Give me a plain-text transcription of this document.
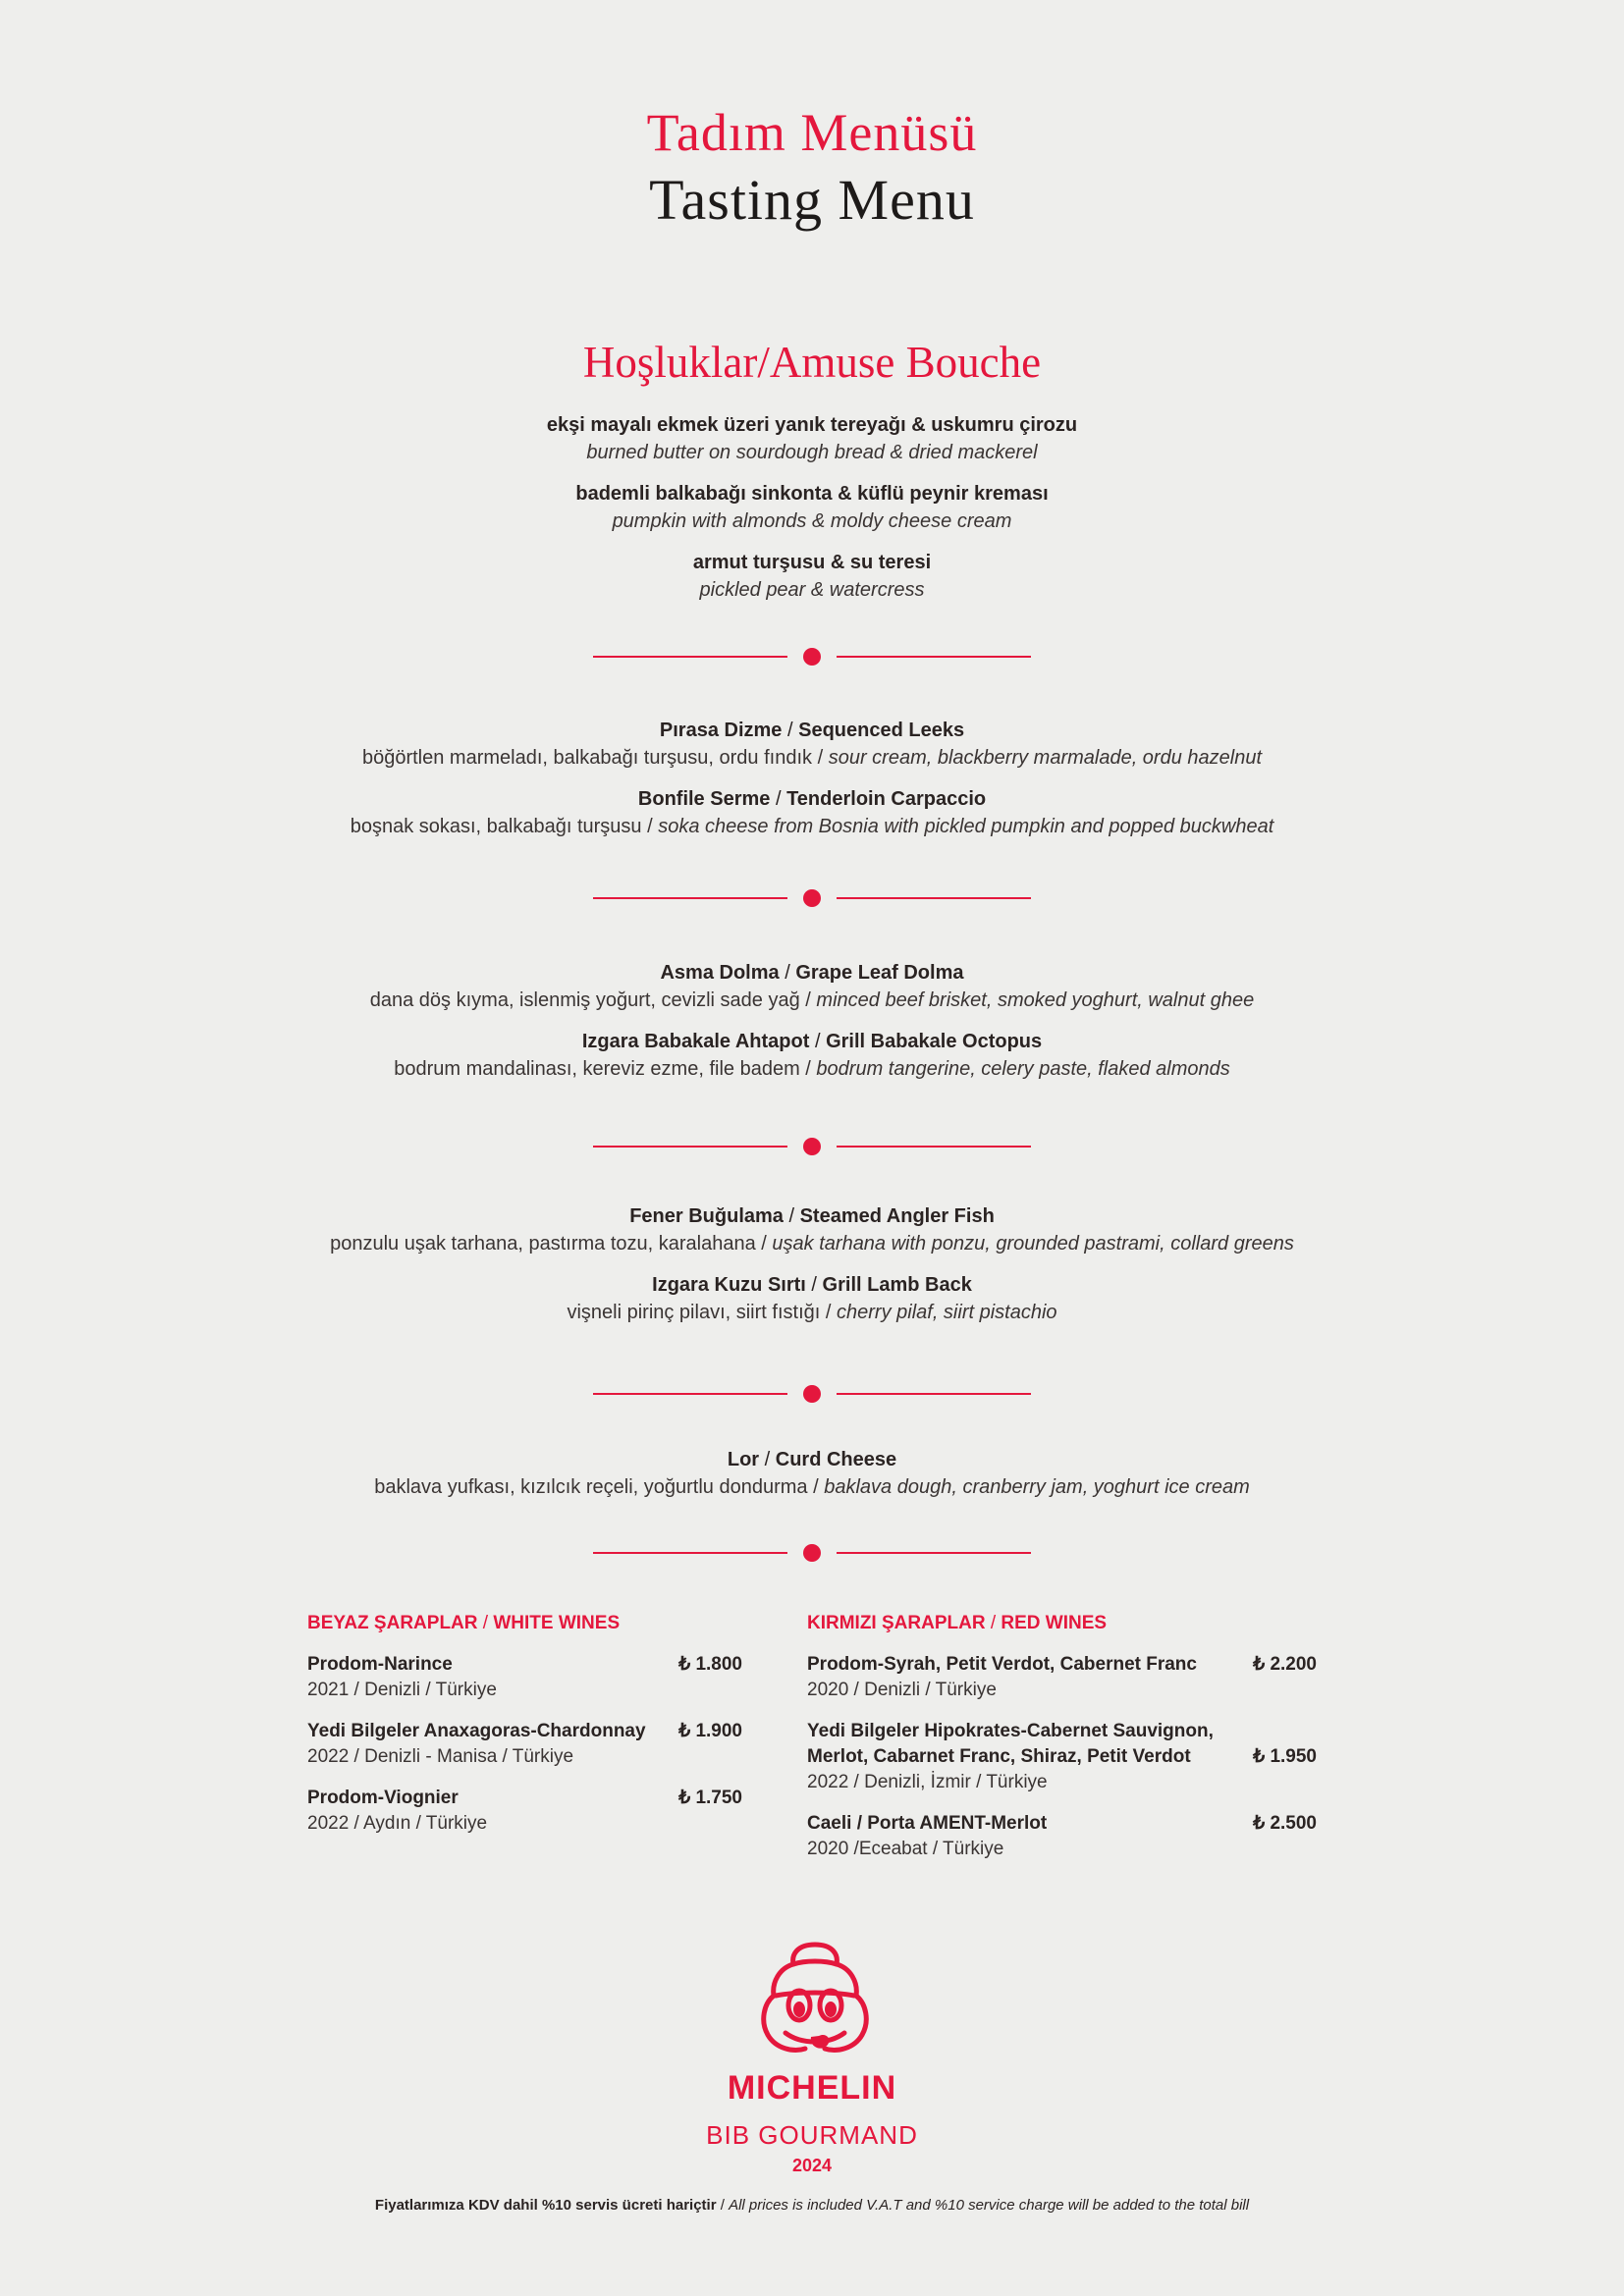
Tadım Menüsü
Tasting Menu
Hoşluklar/Amuse Bouche
ekşi mayalı ekmek üzeri yanık tereyağı & uskumru çirozu
burned butter on sourdough bread & dried mackerel
bademli balkabağı sinkonta & küflü peynir kreması
pumpkin with almonds & moldy cheese cream
armut turşusu & su teresi
pickled pear & watercress
Pırasa Dizme / Sequenced Leeks
böğörtlen marmeladı, balkabağı turşusu, ordu fındık / sour cream, blackberry marmalade, ordu hazelnut
Bonfile Serme / Tenderloin Carpaccio
boşnak sokası, balkabağı turşusu / soka cheese from Bosnia with pickled pumpkin and popped buckwheat
Asma Dolma / Grape Leaf Dolma
dana döş kıyma, islenmiş yoğurt, cevizli sade yağ / minced beef brisket, smoked yoghurt, walnut ghee
Izgara Babakale Ahtapot / Grill Babakale Octopus
bodrum mandalinası, kereviz ezme, file badem / bodrum tangerine, celery paste, flaked almonds
Fener Buğulama / Steamed Angler Fish
ponzulu uşak tarhana, pastırma tozu, karalahana / uşak tarhana with ponzu, grounded pastrami, collard greens
Izgara Kuzu Sırtı / Grill Lamb Back
vişneli pirinç pilavı, siirt fıstığı / cherry pilaf, siirt pistachio
Lor / Curd Cheese
baklava yufkası, kızılcık reçeli, yoğurtlu dondurma / baklava dough, cranberry jam, yoghurt ice cream
BEYAZ ŞARAPLAR / WHITE WINES
₺ 1.800
Prodom-Narince
2021 / Denizli / Türkiye
₺ 1.900
Yedi Bilgeler Anaxagoras-Chardonnay
2022 / Denizli - Manisa / Türkiye
₺ 1.750
Prodom-Viognier
2022 / Aydın / Türkiye
KIRMIZI ŞARAPLAR / RED WINES
₺ 2.200
Prodom-Syrah, Petit Verdot, Cabernet Franc
2020 / Denizli / Türkiye
₺ 1.950
Yedi Bilgeler Hipokrates-Cabernet Sauvignon, Merlot, Cabarnet Franc, Shiraz, Petit Verdot
2022 / Denizli, İzmir / Türkiye
₺ 2.500
Caeli / Porta AMENT-Merlot
2020 /Eceabat / Türkiye
MICHELIN
BIB GOURMAND
2024
Fiyatlarımıza KDV dahil %10 servis ücreti hariçtir / All prices is included V.A.T and %10 service charge will be added to the total bill
